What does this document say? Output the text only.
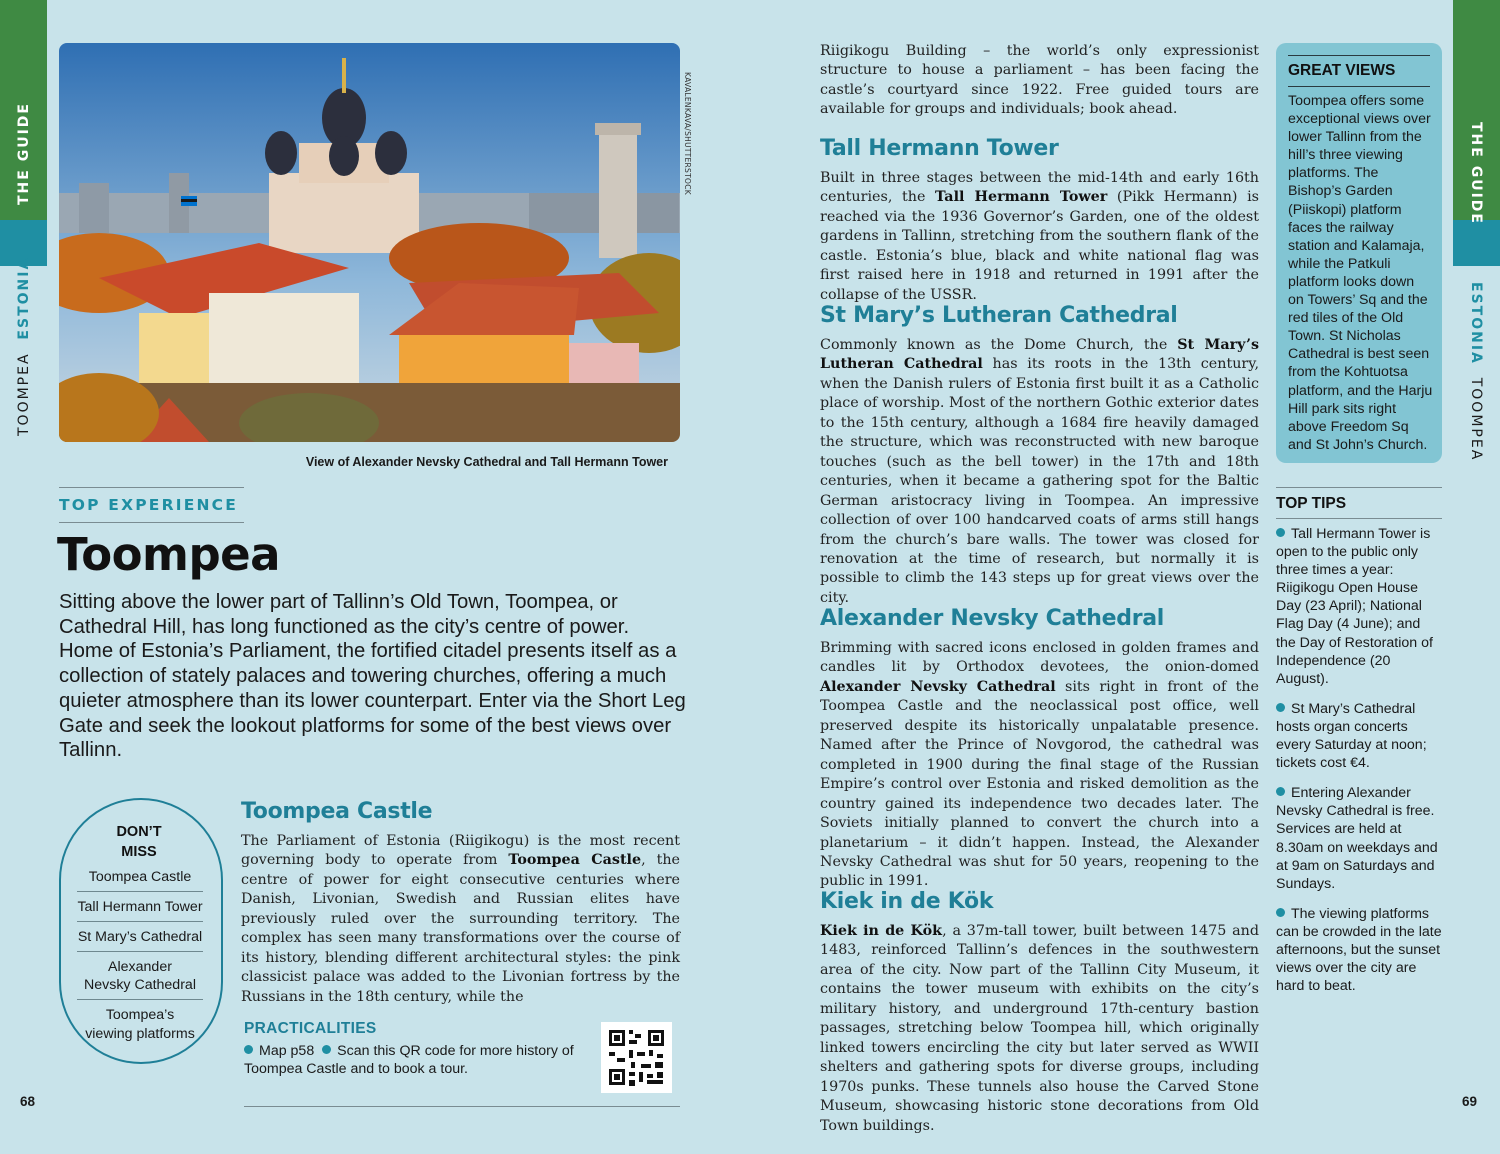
THE GUIDE
TOOMPEA ESTONIA
THE GUIDE
ESTONIA TOOMPEA
KAVALENKAVA/SHUTTERSTOCK
View of Alexander Nevsky Cathedral and Tall Hermann Tower
TOP EXPERIENCE
Toompea
Sitting above the lower part of Tallinn’s Old Town, Toompea, or Cathedral Hill, has long functioned as the city’s centre of power. Home of Estonia’s Parliament, the fortified citadel presents itself as a collection of stately palaces and towering churches, offering a much quieter atmosphere than its lower counterpart. Enter via the Short Leg Gate and seek the lookout platforms for some of the best views over Tallinn.
DON’T MISS
Toompea Castle
Tall Hermann Tower
St Mary’s Cathedral
Alexander Nevsky Cathedral
Toompea’s viewing platforms
Toompea Castle
The Parliament of Estonia (Riigikogu) is the most recent governing body to operate from Toompea Castle, the centre of power for eight consecutive centuries where Danish, Livonian, Swedish and Russian elites have previously ruled over the surrounding territory. The complex has seen many transformations over the course of its history, blending different architectural styles: the pink classicist palace was added to the Livonian fortress by the Russians in the 18th century, while the
PRACTICALITIES
Map p58 Scan this QR code for more history of Toompea Castle and to book a tour.
68	69
Riigikogu Building – the world’s only expressionist structure to house a parliament – has been facing the castle’s courtyard since 1922. Free guided tours are available for groups and individuals; book ahead.
Tall Hermann Tower
Built in three stages between the mid-14th and early 16th centuries, the Tall Hermann Tower (Pikk Hermann) is reached via the 1936 Governor’s Garden, one of the oldest gardens in Tallinn, stretching from the southern flank of the castle. Estonia’s blue, black and white national flag was first raised here in 1918 and returned in 1991 after the collapse of the USSR.
St Mary’s Lutheran Cathedral
Commonly known as the Dome Church, the St Mary’s Lutheran Cathedral has its roots in the 13th century, when the Danish rulers of Estonia first built it as a Catholic place of worship. Most of the northern Gothic exterior dates to the 15th century, although a 1684 fire heavily damaged the structure, which was reconstructed with new baroque touches (such as the bell tower) in the 17th and 18th centuries, when it became a gathering spot for the Baltic German aristocracy living in Toompea. An impressive collection of over 100 handcarved coats of arms still hangs from the church’s bare walls. The tower was closed for renovation at the time of research, but normally it is possible to climb the 143 steps up for great views over the city.
Alexander Nevsky Cathedral
Brimming with sacred icons enclosed in golden frames and candles lit by Orthodox devotees, the onion-domed Alexander Nevsky Cathedral sits right in front of the Toompea Castle and the neoclassical post office, well preserved despite its historically unpalatable presence. Named after the Prince of Novgorod, the cathedral was completed in 1900 during the final stage of the Russian Empire’s control over Estonia and risked demolition as the country gained its independence two decades later. The Soviets initially planned to convert the church into a planetarium – it didn’t happen. Instead, the Alexander Nevsky Cathedral was shut for 50 years, reopening to the public in 1991.
Kiek in de Kök
Kiek in de Kök, a 37m-tall tower, built between 1475 and 1483, reinforced Tallinn’s defences in the southwestern area of the city. Now part of the Tallinn City Museum, it contains the tower museum with exhibits on the city’s military history, and underground 17th-century bastion passages, stretching below Toompea hill, which originally linked towers encircling the city but later served as WWII shelters and gathering spots for diverse groups, including 1970s punks. These tunnels also house the Carved Stone Museum, showcasing historic stone decorations from Old Town buildings.
GREAT VIEWS
Toompea offers some exceptional views over lower Tallinn from the hill’s three viewing platforms. The Bishop’s Garden (Piiskopi) platform faces the railway station and Kalamaja, while the Patkuli platform looks down on Towers’ Sq and the red tiles of the Old Town. St Nicholas Cathedral is best seen from the Kohtuotsa platform, and the Harju Hill park sits right above Freedom Sq and St John’s Church.
TOP TIPS
Tall Hermann Tower is open to the public only three times a year: Riigikogu Open House Day (23 April); National Flag Day (4 June); and the Day of Restoration of Independence (20 August).
St Mary’s Cathedral hosts organ concerts every Saturday at noon; tickets cost €4.
Entering Alexander Nevsky Cathedral is free. Services are held at 8.30am on weekdays and at 9am on Saturdays and Sundays.
The viewing platforms can be crowded in the late afternoons, but the sunset views over the city are hard to beat.
